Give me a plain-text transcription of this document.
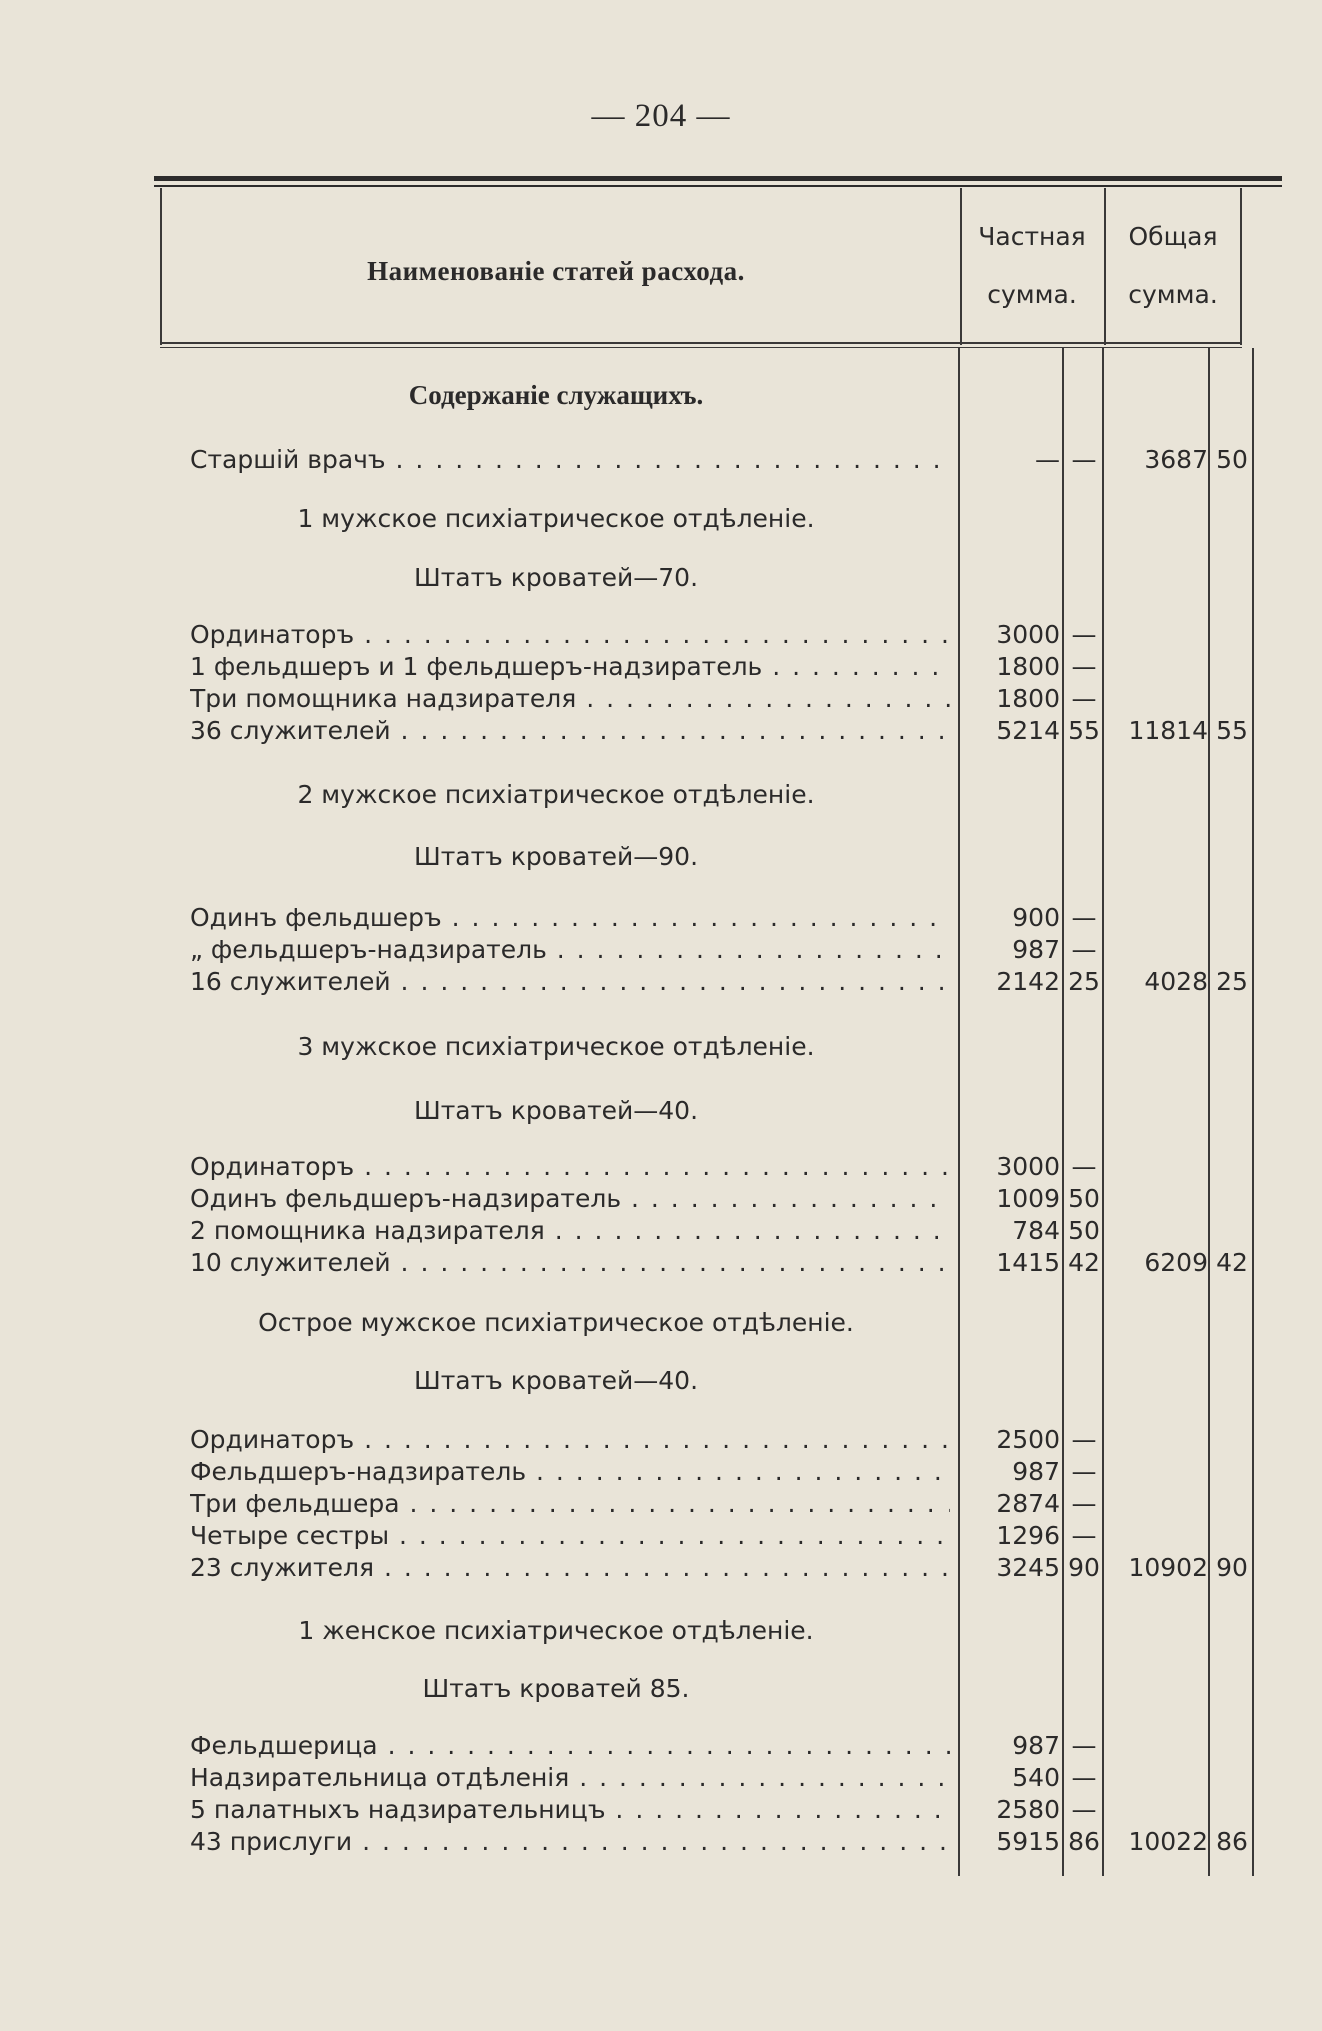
— 204 —
Наименованіе статей расхода.
Частная
сумма.
Общая
сумма.
Содержаніе служащихъ.
Старшій врачъ . . .	— —	3687 50
1 мужское психіатрическое отдѣленіе.
Штатъ кроватей—70.
Ординаторъ . . .	3000 —
1 фельдшеръ и 1 фельдшеръ-надзиратель . . .	1800 —
Три помощника надзирателя . . .	1800 —
36 служителей . . .	5214 55	11814 55
2 мужское психіатрическое отдѣленіе.
Штатъ кроватей—90.
Одинъ фельдшеръ . . .	900 —
„ фельдшеръ-надзиратель . . .	987 —
16 служителей . . .	2142 25	4028 25
3 мужское психіатрическое отдѣленіе.
Штатъ кроватей—40.
Ординаторъ . . .	3000 —
Одинъ фельдшеръ-надзиратель . . .	1009 50
2 помощника надзирателя . . .	784 50
10 служителей . . .	1415 42	6209 42
Острое мужское психіатрическое отдѣленіе.
Штатъ кроватей—40.
Ординаторъ . . .	2500 —
Фельдшеръ-надзиратель . . .	987 —
Три фельдшера . . .	2874 —
Четыре сестры . . .	1296 —
23 служителя . . .	3245 90	10902 90
1 женское психіатрическое отдѣленіе.
Штатъ кроватей 85.
Фельдшерица . . .	987 —
Надзирательница отдѣленія . . .	540 —
5 палатныхъ надзирательницъ . . .	2580 —
43 прислуги . . .	5915 86	10022 86
